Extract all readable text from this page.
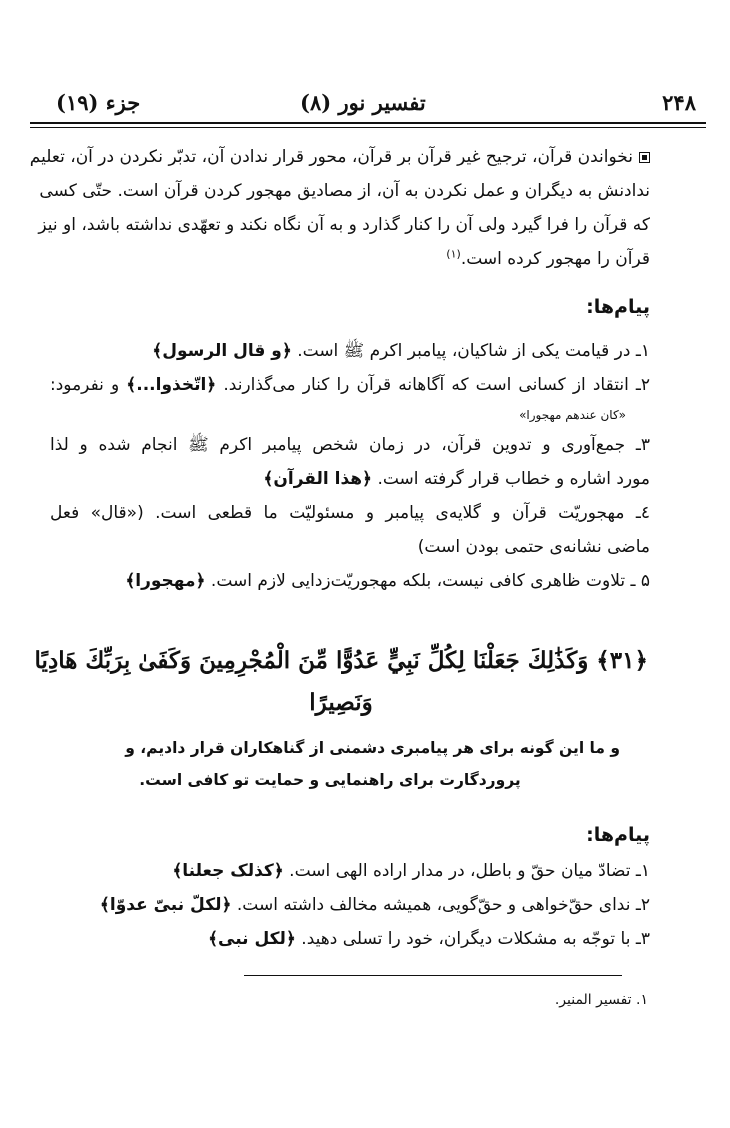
۲۴۸
تفسیر نور (۸)
جزء (۱۹)
نخواندن قرآن، ترجیح غیر قرآن بر قرآن، محور قرار ندادن آن، تدبّر نکردن در آن، تعلیم
ندادنش به دیگران و عمل نکردن به آن، از مصادیق مهجور کردن قرآن است. حتّی کسی
که قرآن را فرا گیرد ولی آن را کنار گذارد و به آن نگاه نکند و تعهّدی نداشته باشد، او نیز
قرآن را مهجور کرده است.$^{(۱)}$
پیام‌ها:
۱ـ در قیامت یکی از شاکیان، پیامبر اکرم ﷺ است. ﴿و قال الرسول﴾
۲ـ انتقاد از کسانی است که آگاهانه قرآن را کنار می‌گذارند. ﴿اتّخذوا...﴾ و نفرمود:
«کان عندهم مهجورا»
۳ـ جمع‌آوری و تدوین قرآن، در زمان شخص پیامبر اکرم ﷺ انجام شده و لذا
مورد اشاره و خطاب قرار گرفته است. ﴿هذا القرآن﴾
٤ـ مهجوریّت قرآن و گلایه‌ی پیامبر و مسئولیّت ما قطعی است. («قال» فعل
ماضی نشانه‌ی حتمی بودن است)
۵ ـ تلاوت ظاهری کافی نیست، بلکه مهجوریّت‌زدایی لازم است. ﴿مهجورا﴾
﴿۳۱﴾ وَكَذَٰلِكَ جَعَلْنَا لِكُلِّ نَبِيٍّ عَدُوًّا مِّنَ الْمُجْرِمِينَ وَكَفَىٰ بِرَبِّكَ هَادِيًا
وَنَصِيرًا
و ما این گونه برای هر پیامبری دشمنی از گناهکاران قرار دادیم، و
پروردگارت برای راهنمایی و حمایت تو کافی است.
پیام‌ها:
۱ـ تضادّ میان حقّ و باطل، در مدار اراده الهی است. ﴿کذلک جعلنا﴾
۲ـ ندای حقّ‌خواهی و حقّ‌گویی، همیشه مخالف داشته است. ﴿لکلّ نبیّ عدوّا﴾
۳ـ با توجّه به مشکلات دیگران، خود را تسلی دهید. ﴿لکل نبی﴾
۱. تفسیر المنیر.
